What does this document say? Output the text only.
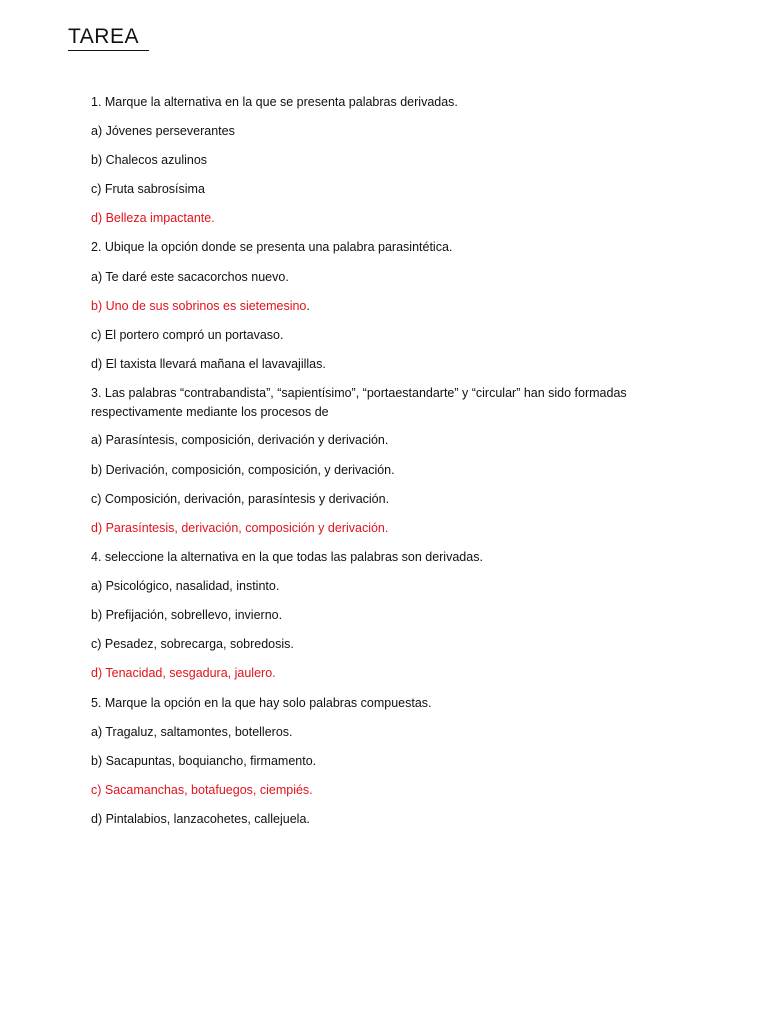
TAREA
1. Marque la alternativa en la que se presenta palabras derivadas.
a) Jóvenes perseverantes
b) Chalecos azulinos
c) Fruta sabrosísima
d) Belleza impactante.
2. Ubique la opción donde se presenta una palabra parasintética.
a) Te daré este sacacorchos nuevo.
b) Uno de sus sobrinos es sietemesino.
c) El portero compró un portavaso.
d) El taxista llevará mañana el lavavajillas.
3. Las palabras “contrabandista”, “sapientísimo”, “portaestandarte” y “circular” han sido formadas respectivamente mediante los procesos de
a) Parasíntesis, composición, derivación y derivación.
b) Derivación, composición, composición, y derivación.
c) Composición, derivación, parasíntesis y derivación.
d) Parasíntesis, derivación, composición y derivación.
4. seleccione la alternativa en la que todas las palabras son derivadas.
a) Psicológico, nasalidad, instinto.
b) Prefijación, sobrellevo, invierno.
c) Pesadez, sobrecarga, sobredosis.
d) Tenacidad, sesgadura, jaulero.
5. Marque la opción en la que hay solo palabras compuestas.
a) Tragaluz, saltamontes, botelleros.
b) Sacapuntas, boquiancho, firmamento.
c) Sacamanchas, botafuegos, ciempiés.
d) Pintalabios, lanzacohetes, callejuela.
